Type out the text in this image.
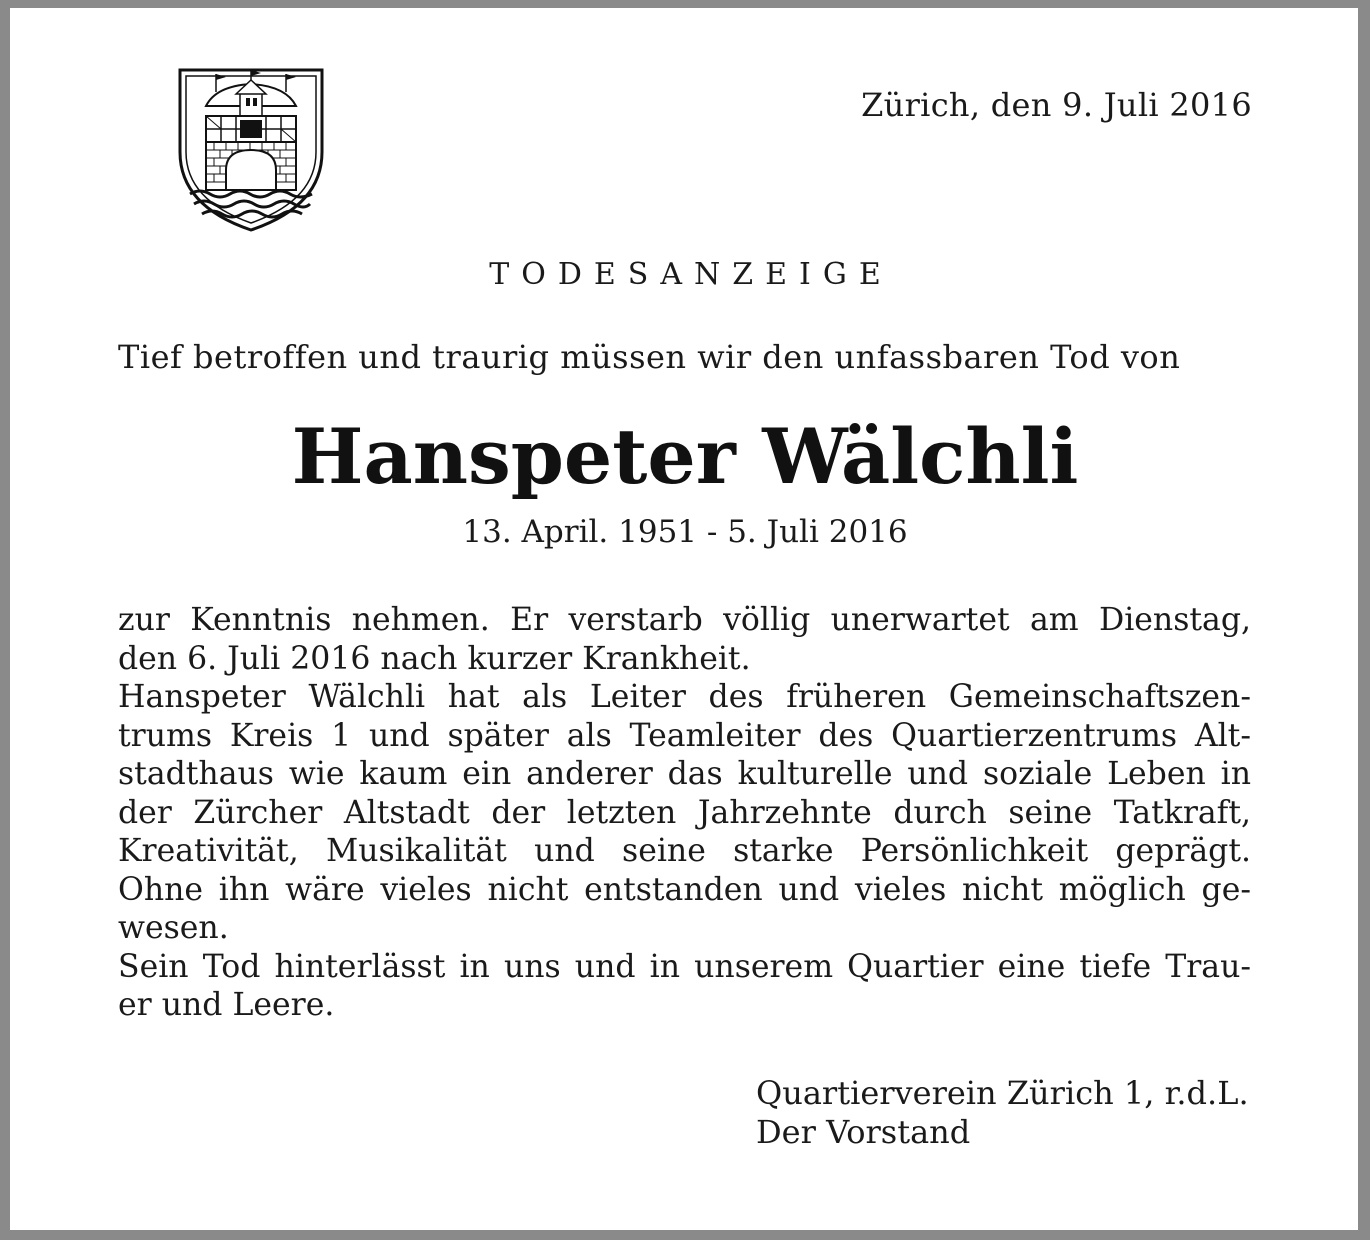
Zürich, den 9. Juli 2016
TODESANZEIGE
Tief betroffen und traurig müssen wir den unfassbaren Tod von
Hanspeter Wälchli
13. April. 1951 - 5. Juli 2016
zur Kenntnis nehmen. Er verstarb völlig unerwartet am Dienstag,
den 6. Juli 2016 nach kurzer Krankheit.
Hanspeter Wälchli hat als Leiter des früheren Gemeinschaftszen-
trums Kreis 1 und später als Teamleiter des Quartierzentrums Alt-
stadthaus wie kaum ein anderer das kulturelle und soziale Leben in
der Zürcher Altstadt der letzten Jahrzehnte durch seine Tatkraft,
Kreativität, Musikalität und seine starke Persönlichkeit geprägt.
Ohne ihn wäre vieles nicht entstanden und vieles nicht möglich ge-
wesen.
Sein Tod hinterlässt in uns und in unserem Quartier eine tiefe Trau-
er und Leere.
Quartierverein Zürich 1, r.d.L.
Der Vorstand
